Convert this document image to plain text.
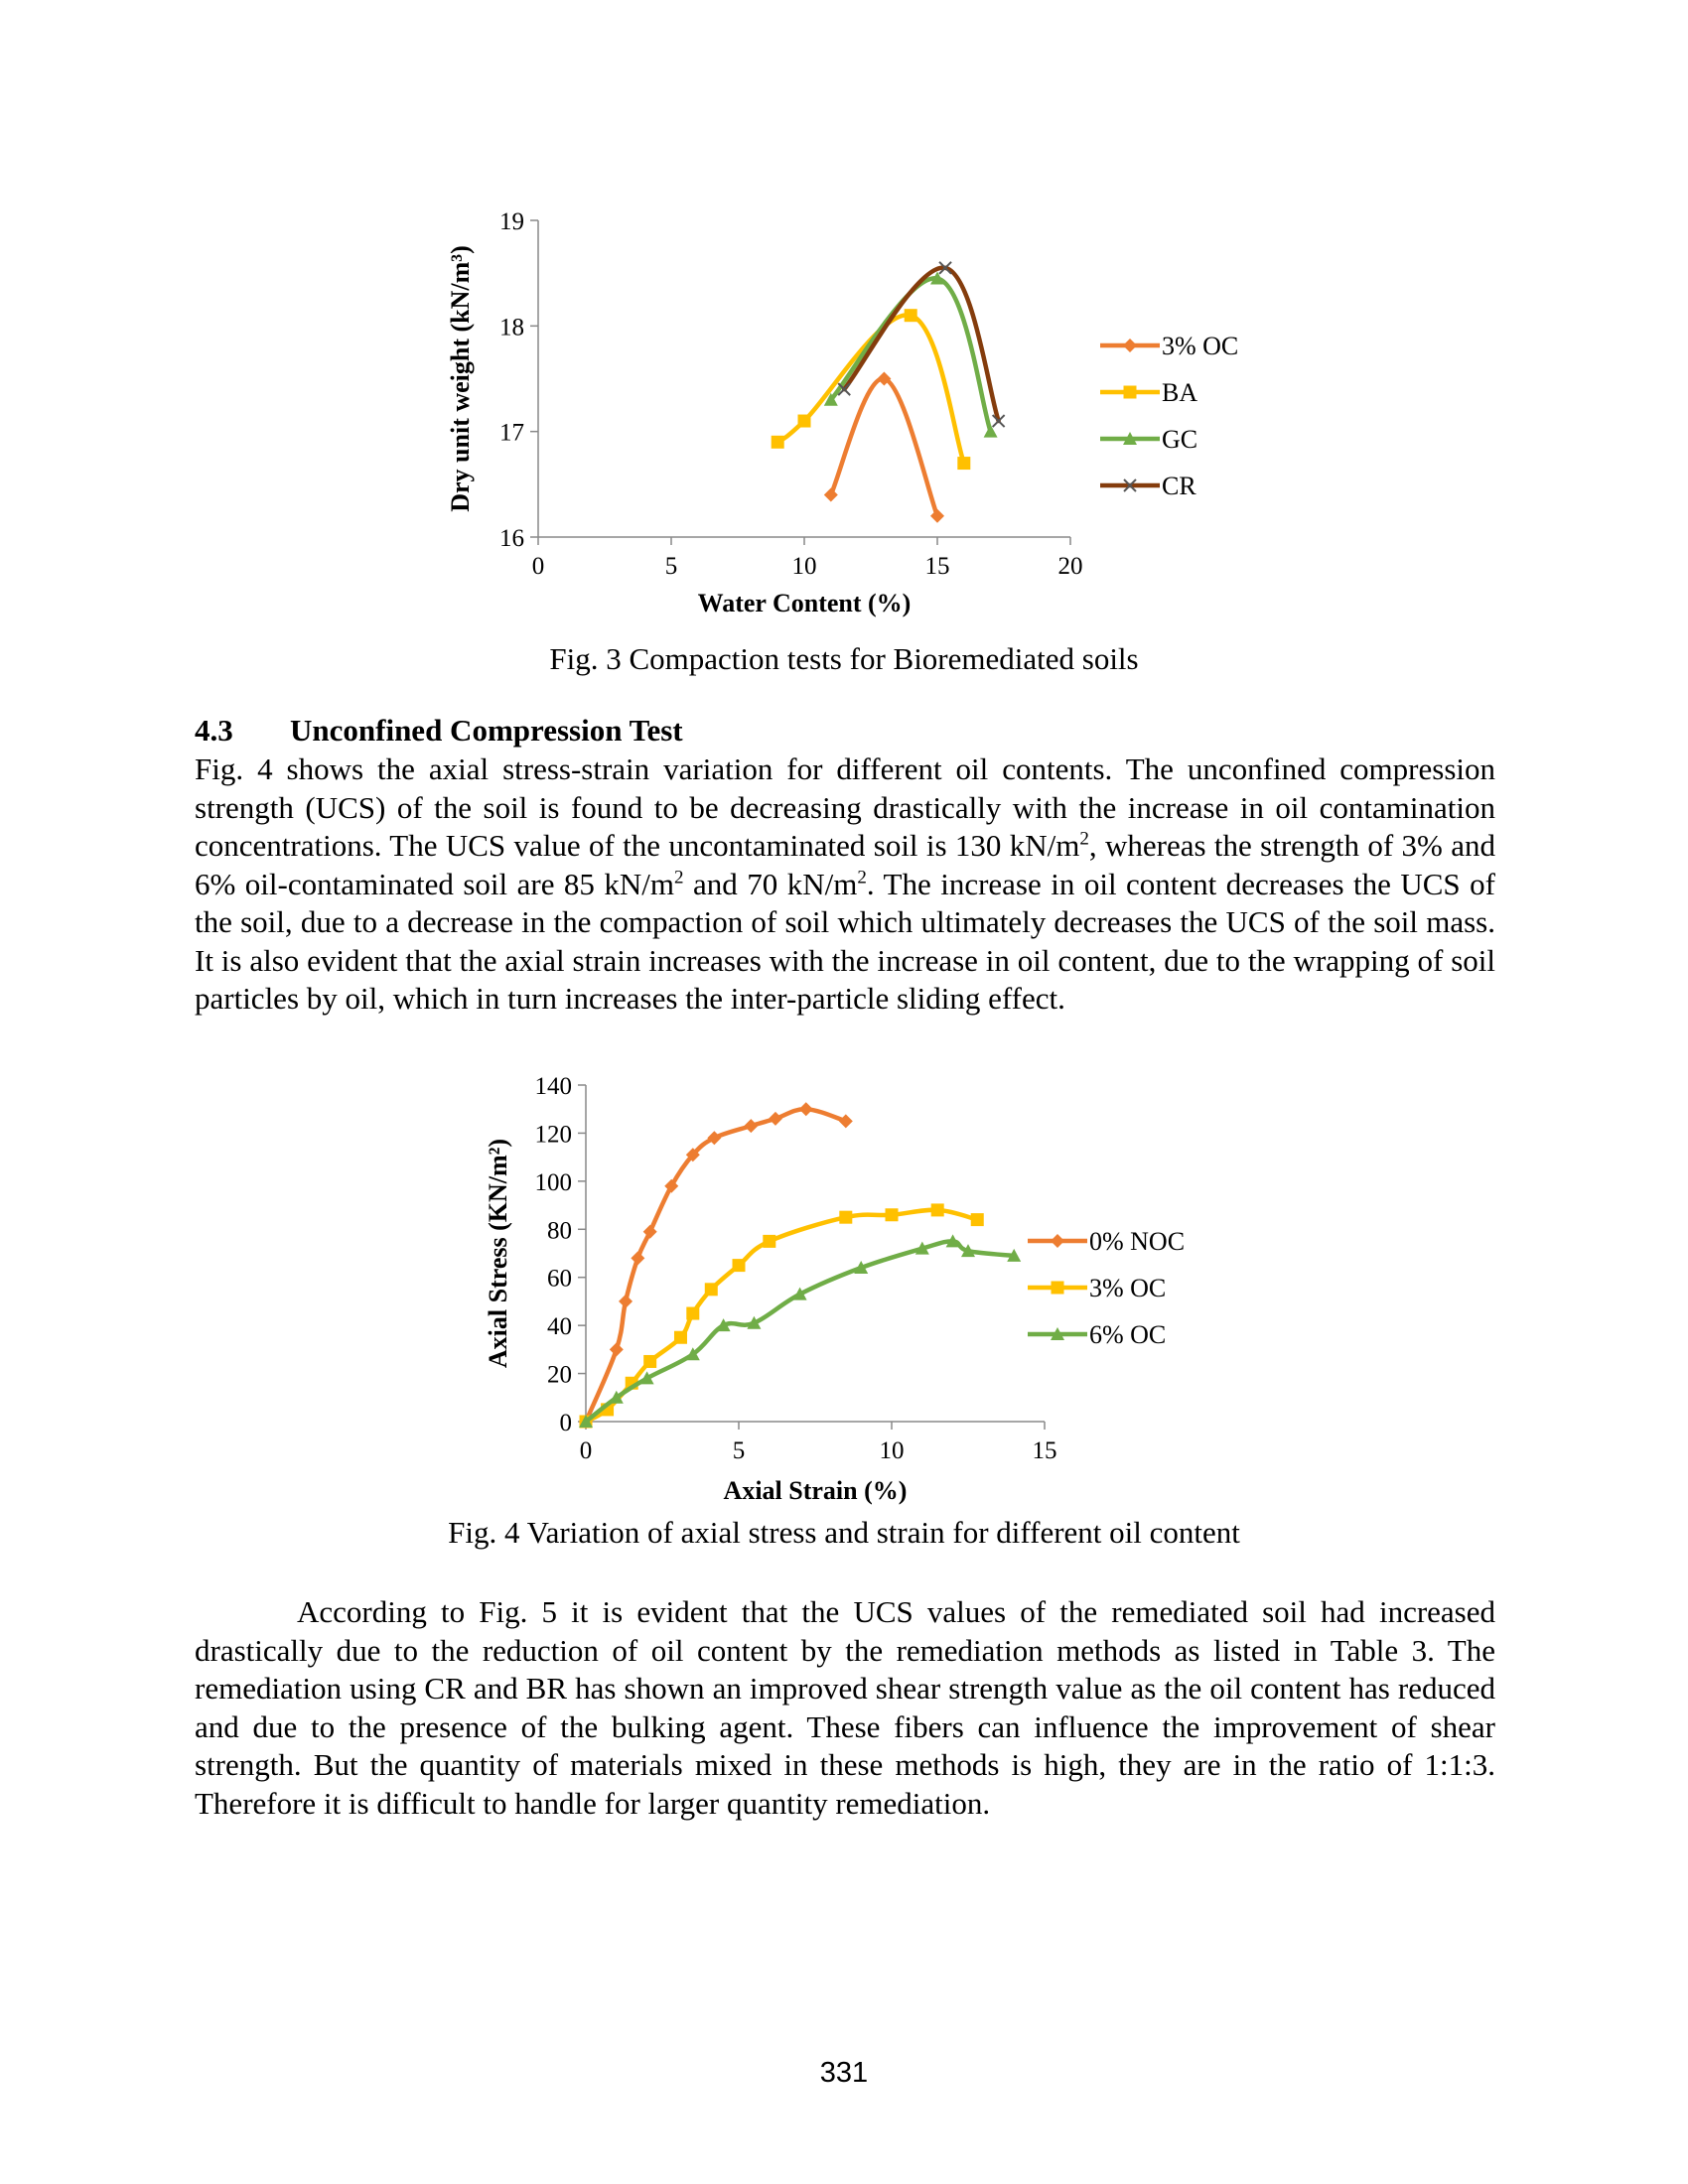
16
17
18
19
0	5	10	15	20
Water Content (%)
Dry unit weight (kN/m³)	3% OC
BA
GC
CR
Fig. 3 Compaction tests for Bioremediated soils
4.3 Unconfined Compression Test

Fig. 4 shows the axial stress-strain variation for different oil contents. The unconfined compression strength (UCS) of the soil is found to be decreasing drastically with the increase in oil contamination concentrations. The UCS value of the uncontaminated soil is 130 $kN/m^2$, whereas the strength of 3% and 6% oil-contaminated soil are 85 $kN/m^2$ and 70 $kN/m^2$. The increase in oil content decreases the UCS of the soil, due to a decrease in the compaction of soil which ultimately decreases the UCS of the soil mass. It is also evident that the axial strain increases with the increase in oil content, due to the wrapping of soil particles by oil, which in turn increases the inter-particle sliding effect.

0
20
40
60
80
100
120
140
0	5	10	15
Axial Strain (%)
Axial Stress (KN/m²)	0% NOC
3% OC
6% OC
Fig. 4 Variation of axial stress and strain for different oil content

According to Fig. 5 it is evident that the UCS values of the remediated soil had increased drastically due to the reduction of oil content by the remediation methods as listed in Table 3. The remediation using CR and BR has shown an improved shear strength value as the oil content has reduced and due to the presence of the bulking agent. These fibers can influence the improvement of shear strength. But the quantity of materials mixed in these methods is high, they are in the ratio of 1:1:3. Therefore it is difficult to handle for larger quantity remediation.

331
